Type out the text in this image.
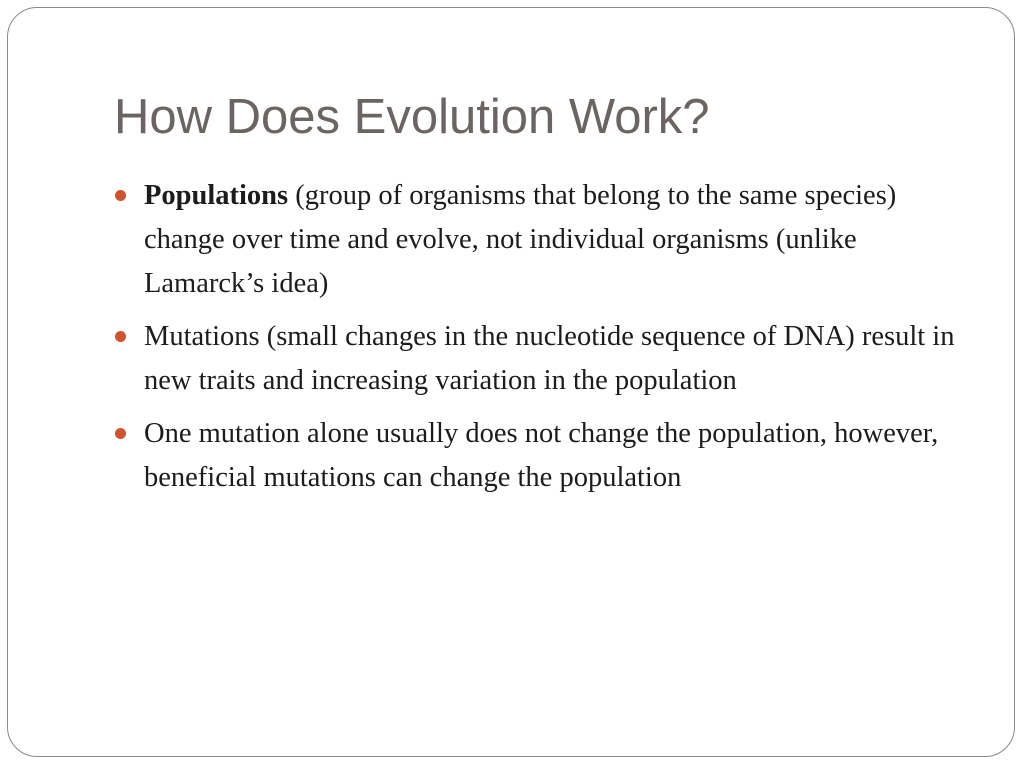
How Does Evolution Work?
Populations (group of organisms that belong to the same species) change over time and evolve, not individual organisms (unlike Lamarck’s idea)
Mutations (small changes in the nucleotide sequence of DNA) result in new traits and increasing variation in the population
One mutation alone usually does not change the population, however, beneficial mutations can change the population
